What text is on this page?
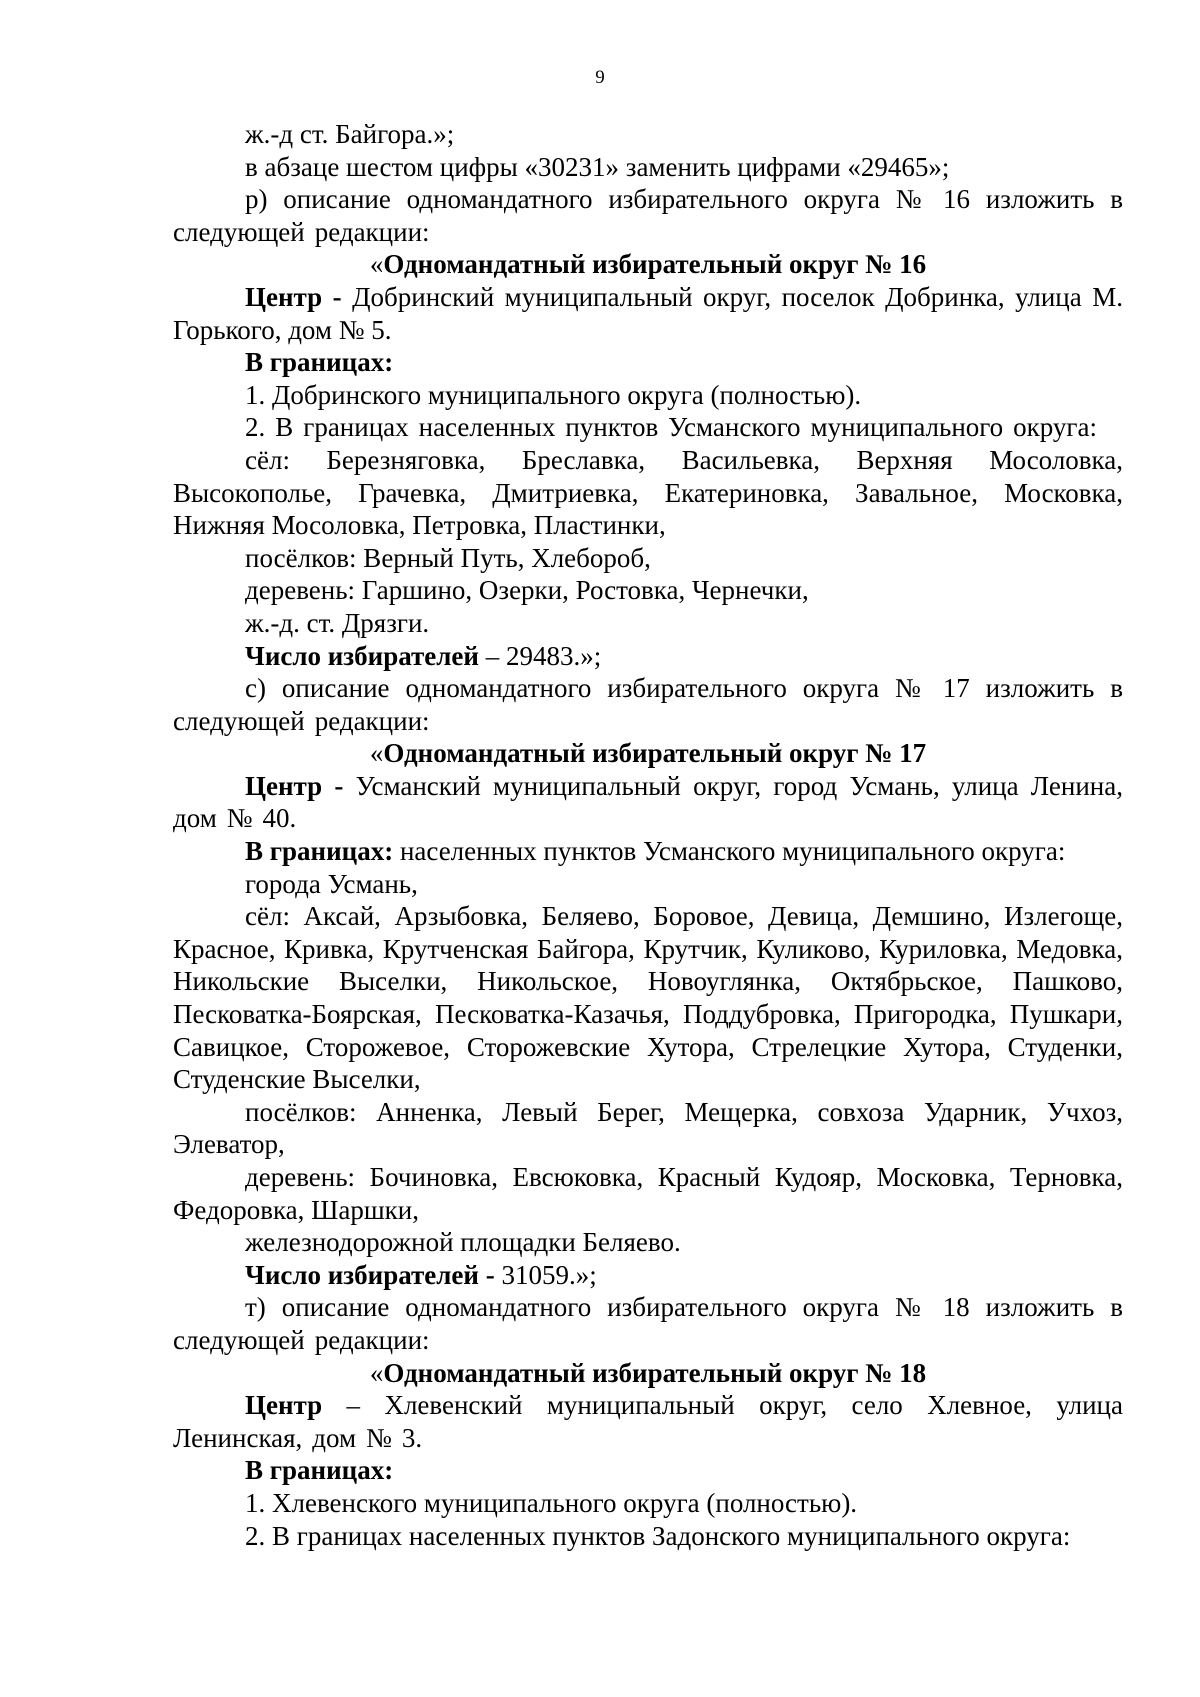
9

ж.-д ст. Байгора.»;

в абзаце шестом цифры «30231» заменить цифрами «29465»;

р) описание одномандатного избирательного округа № 16 изложить в следующей редакции:

«Одномандатный избирательный округ № 16

Центр - Добринский муниципальный округ, поселок Добринка, улица М. Горького, дом № 5.

В границах:

1. Добринского муниципального округа (полностью).

2. В границах населенных пунктов Усманского муниципального округа:

сёл: Березняговка, Бреславка, Васильевка, Верхняя Мосоловка, Высокополье, Грачевка, Дмитриевка, Екатериновка, Завальное, Московка, Нижняя Мосоловка, Петровка, Пластинки,

посёлков: Верный Путь, Хлебороб,

деревень: Гаршино, Озерки, Ростовка, Чернечки,

ж.-д. ст. Дрязги.

Число избирателей – 29483.»;

с) описание одномандатного избирательного округа № 17 изложить в следующей редакции:

«Одномандатный избирательный округ № 17

Центр - Усманский муниципальный округ, город Усмань, улица Ленина, дом № 40.

В границах: населенных пунктов Усманского муниципального округа:

города Усмань,

сёл: Аксай, Арзыбовка, Беляево, Боровое, Девица, Демшино, Излегоще, Красное, Кривка, Крутченская Байгора, Крутчик, Куликово, Куриловка, Медовка, Никольские Выселки, Никольское, Новоуглянка, Октябрьское, Пашково, Песковатка-Боярская, Песковатка-Казачья, Поддубровка, Пригородка, Пушкари, Савицкое, Сторожевое, Сторожевские Хутора, Стрелецкие Хутора, Студенки, Студенские Выселки,

посёлков: Анненка, Левый Берег, Мещерка, совхоза Ударник, Учхоз, Элеватор,

деревень: Бочиновка, Евсюковка, Красный Кудояр, Московка, Терновка, Федоровка, Шаршки,

железнодорожной площадки Беляево.

Число избирателей - 31059.»;

т) описание одномандатного избирательного округа № 18 изложить в следующей редакции:

«Одномандатный избирательный округ № 18

Центр – Хлевенский муниципальный округ, село Хлевное, улица Ленинская, дом № 3.

В границах:

1. Хлевенского муниципального округа (полностью).

2. В границах населенных пунктов Задонского муниципального округа:
